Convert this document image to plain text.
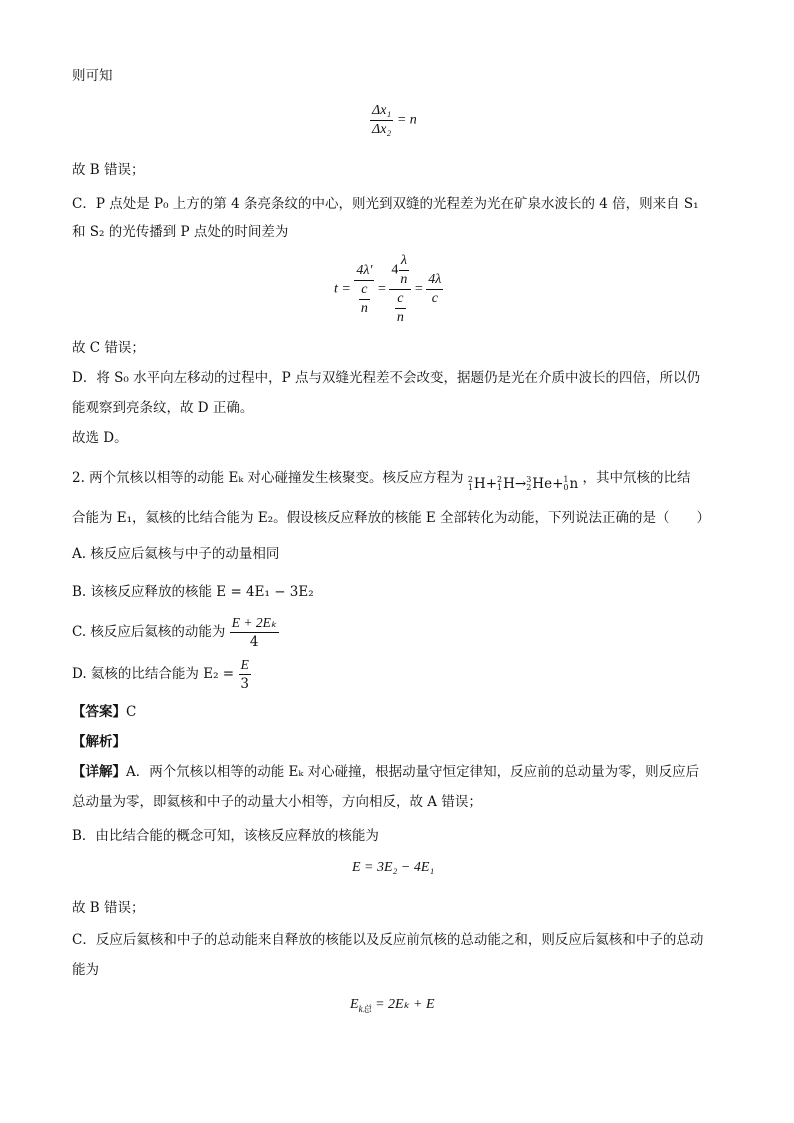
则可知
$\frac{\text{Δx₁}}{\text{Δx₂}} = n$
故 B 错误；
C．P 点处是 P₀ 上方的第 4 条亮条纹的中心，则光到双缝的光程差为光在矿泉水波长的 4 倍，则来自 S₁
和 S₂ 的光传播到 P 点处的时间差为
$t = \frac{4\lambda'}{\frac{c}{n}} = \frac{4 \frac{\lambda}{n}}{\frac{c}{n}} = \frac{4\lambda}{c}$
故 C 错误；
D．将 S₀ 水平向左移动的过程中，P 点与双缝光程差不会改变，据题仍是光在介质中波长的四倍，所以仍
能观察到亮条纹，故 D 正确。
故选 D。
2. 两个氘核以相等的动能 Eₖ 对心碰撞发生核聚变。核反应方程为 2
1 H + 2
1 H → 3
2 He + 1
0 n ，其中氘核的比结
合能为 E₁，氦核的比结合能为 E₂。假设核反应释放的核能 E 全部转化为动能，下列说法正确的是（　　）
A. 核反应后氦核与中子的动量相同
B. 该核反应释放的核能 E = 4E₁ − 3E₂
C. 核反应后氦核的动能为 $\frac{\text{E + 2Eₖ}}{4}$
D. 氦核的比结合能为 $E_2 = \frac{E}{3}$
【答案】C
【解析】
【详解】A．两个氘核以相等的动能 Eₖ 对心碰撞，根据动量守恒定律知，反应前的总动量为零，则反应后
总动量为零，即氦核和中子的动量大小相等，方向相反，故 A 错误；
B．由比结合能的概念可知，该核反应释放的核能为
E = 3E₂ − 4E₁
故 B 错误；
C．反应后氦核和中子的总动能来自释放的核能以及反应前氘核的总动能之和，则反应后氦核和中子的总动
能为
$E_{k总} = 2E_k + E$
